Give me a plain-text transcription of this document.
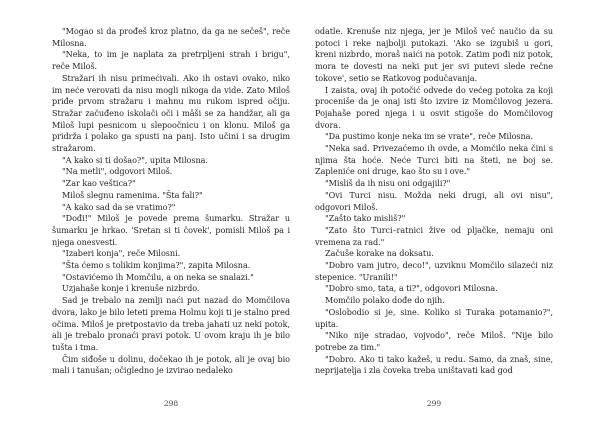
"Mogao si da prođeš kroz platno, da ga ne sečeš", reče Milosna.

"Neka, to im je naplata za pretrpljeni strah i brigu", reče Miloš.

Stražari ih nisu primećivali. Ako ih ostavi ovako, niko im neće verovati da nisu mogli nikoga da vide. Zato Miloš priđe prvom stražaru i mahnu mu rukom ispred očiju. Stražar začuđeno iskolači oči i mâši se za handžar, ali ga Miloš lupi pesnicom u slepoočnicu i on klonu. Miloš ga pridrža i polako ga spusti na panj. Isto učini i sa drugim stražarom.

"A kako si ti došao?", upita Milosna.

"Na metli", odgovori Miloš.

"Zar kao veštica?"

Miloš slegnu ramenima. "Šta fali?"

"A kako sad da se vratimo?"

"Dođi!" Miloš je povede prema šumarku. Stražar u šumarku je hrkao. 'Sretan si ti čovek', pomisli Miloš pa i njega onesvesti.

"Izaberi konja", reče Milosni.

"Šta ćemo s tolikim konjima?", zapita Milosna.

"Ostavićemo ih Momčilu, a on neka se snalazi."

Uzjahaše konje i krenuše nizbrdo.

Sad je trebalo na zemlji naći put nazad do Momčilova dvora, lako je bilo leteti prema Holmu koji ti je stalno pred očima. Miloš je pretpostavio da treba jahati uz neki potok, ali je trebalo pronaći pravi potok. U ovom kraju ih je bilo tušta i tma.

Čim siđoše u dolinu, dočekao ih je potok, ali je ovaj bio mali i tanušan; očigledno je izvirao nedaleko

298

odatle. Krenuše niz njega, jer je Miloš več naučio da su potoci i reke najbolji putokazi. 'Ako se izgubiš u gori, kreni nizbrdo, moraš naići na potok. Zatim pođi niz potok, mora te dovesti na neki put jer svi putevi slede rečne tokove', setio se Ratkovog podučavanja.

I zaista, ovaj ih potočić odvede do većeg potoka za koji proceniše da je onaj isti što izvire iz Momčilovog jezera. Pojahaše pored njega i u osvit stigoše do Momčilovog dvora.

"Da pustimo konje neka im se vrate", reče Milosna.

"Neka sad. Privezaćemo ih ovde, a Momčilo neka čini s njima šta hoće. Neće Turci biti na šteti, ne boj se. Zapleniće oni druge, kao što su i ove."

"Misliš da ih nisu oni odgajili?"

"Ovi Turci nisu. Možda neki drugi, ali ovi nisu", odgovori Miloš.

"Zašto tako misliš?"

"Zato što Turci–ratnici žive od pljačke, nemaju oni vremena za rad."

Začuše korake na doksatu.

"Dobro vam jutro, deco!", uzviknu Momčilo silazeći niz stepenice. "Uranili!"

"Dobro smo, tata, a ti?", odgovori Milosna.

Momčilo polako dođe do njih.

"Oslobodio si je, sine. Koliko si Turaka potamanio?", upita.

"Niko nije stradao, vojvodo", reče Miloš. "Nije bilo potrebe za tim."

"Dobro. Ako ti tako kažeš, u redu. Samo, da znaš, sine, neprijatelja i zla čoveka treba uništavati kad god

299
